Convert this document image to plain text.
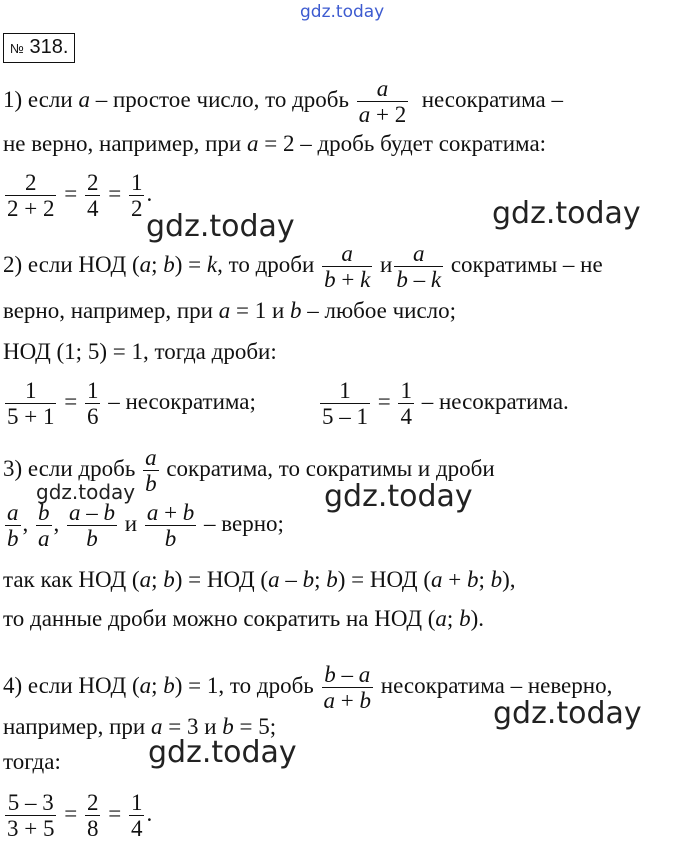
gdz.today
gdz.today	gdz.today
gdz.today	gdz.today
gdz.today
gdz.today
№ 318.
1) если a – простое число, то дробь $\frac{a}{a + 2}$ несократима –
не верно, например, при a = 2 – дробь будет сократима:
$\frac{2}{2 + 2} = \frac{2}{4} = \frac{1}{2}$ .
2) если НОД (a; b) = k, то дроби $\frac{a}{b + k}$ и $\frac{a}{b - k}$ сократимы – не
верно, например, при a = 1 и b – любое число;
НОД (1; 5) = 1, тогда дроби:
$\frac{1}{5 + 1} = \frac{1}{6}$ – несократима;	$\frac{1}{5 - 1} = \frac{1}{4}$ – несократима.
3) если дробь $\frac{a}{b}$ сократима, то сократимы и дроби
$\frac{a}{b}$ , $\frac{b}{a}$ , $\frac{a - b}{b}$ и $\frac{a + b}{b}$ – верно;
так как НОД (a; b) = НОД (a – b; b) = НОД (a + b; b),
то данные дроби можно сократить на НОД (a; b).
4) если НОД (a; b) = 1, то дробь $\frac{b - a}{a + b}$ несократима – неверно,
например, при a = 3 и b = 5;
тогда:
$\frac{5 - 3}{3 + 5} = \frac{2}{8} = \frac{1}{4}$ .
